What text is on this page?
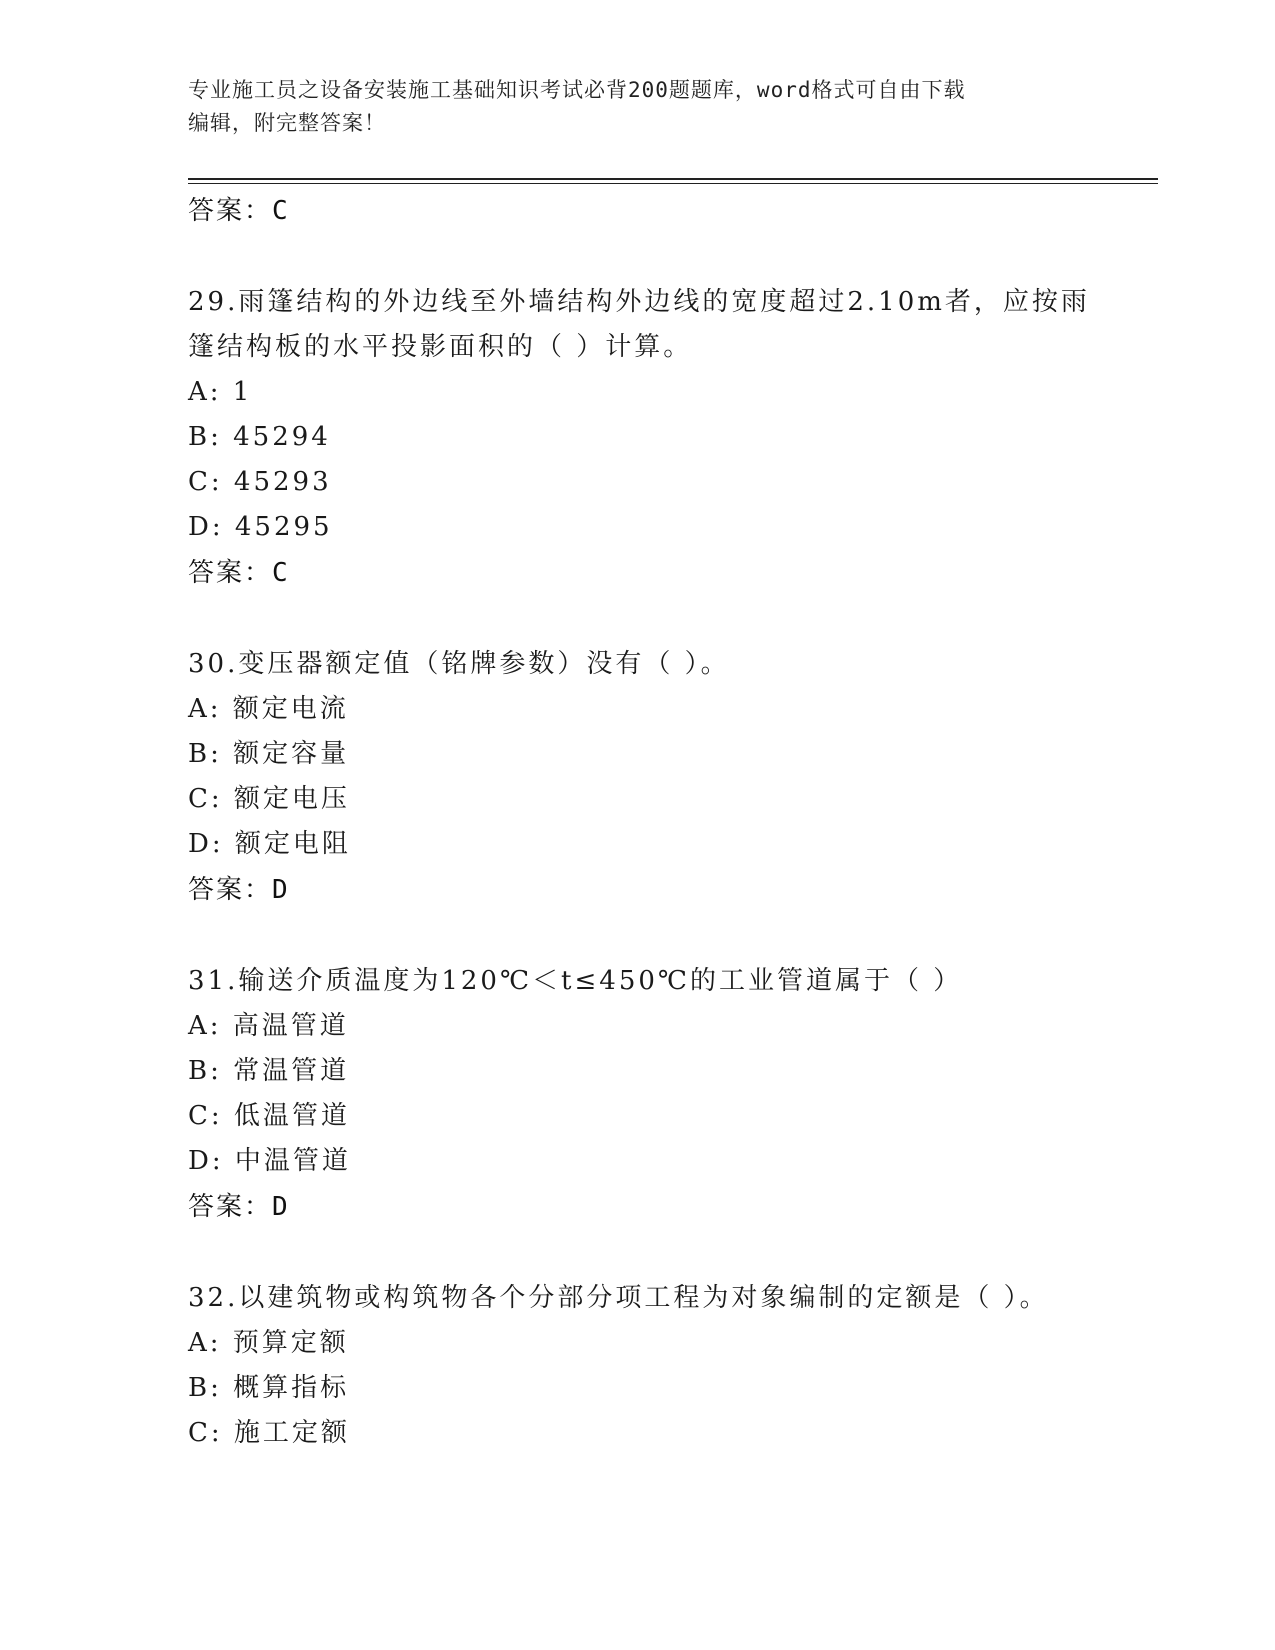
专业施工员之设备安装施工基础知识考试必背200题题库，word格式可自由下载
编辑，附完整答案！
答案：C
29.雨篷结构的外边线至外墙结构外边线的宽度超过2.10m者，应按雨
篷结构板的水平投影面积的（ ）计算。
A: 1
B: 45294
C: 45293
D: 45295
答案：C
30.变压器额定值（铭牌参数）没有（ ）。
A: 额定电流
B: 额定容量
C: 额定电压
D: 额定电阻
答案：D
31.输送介质温度为120℃＜t≤450℃的工业管道属于（ ）
A: 高温管道
B: 常温管道
C: 低温管道
D: 中温管道
答案：D
32.以建筑物或构筑物各个分部分项工程为对象编制的定额是（ ）。
A: 预算定额
B: 概算指标
C: 施工定额
